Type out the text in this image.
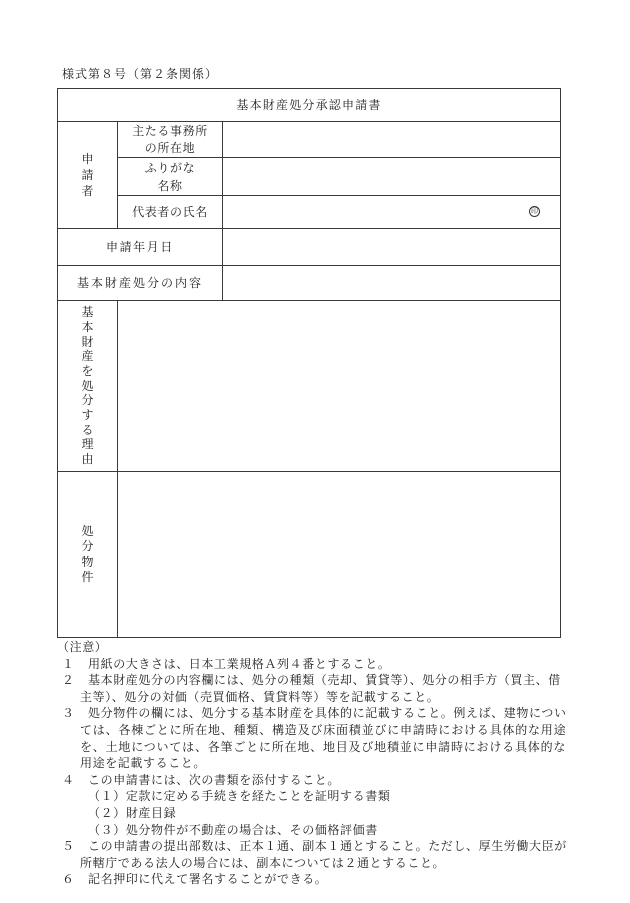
様式第８号（第２条関係）
基本財産処分承認申請書		

申請者	主たる事務所
の所在地	

	ふりがな
名称	

	代表者の氏名	印

申請年月日		
基本財産処分の内容		

基本財産を処分する理由		

処分物件		

（注意）
１ 用紙の大きさは、日本工業規格Ａ列４番とすること。
２ 基本財産処分の内容欄には、処分の種類（売却、賃貸等）、処分の相手方（買主、借
主等）、処分の対価（売買価格、賃貸料等）等を記載すること。
３ 処分物件の欄には、処分する基本財産を具体的に記載すること。例えば、建物につい
ては、各棟ごとに所在地、種類、構造及び床面積並びに申請時における具体的な用途
を、土地については、各筆ごとに所在地、地目及び地積並に申請時における具体的な
用途を記載すること。
４ この申請書には、次の書類を添付すること。
（１）定款に定める手続きを経たことを証明する書類
（２）財産目録
（３）処分物件が不動産の場合は、その価格評価書
５ この申請書の提出部数は、正本１通、副本１通とすること。ただし、厚生労働大臣が
所轄庁である法人の場合には、副本については２通とすること。
６ 記名押印に代えて署名することができる。
